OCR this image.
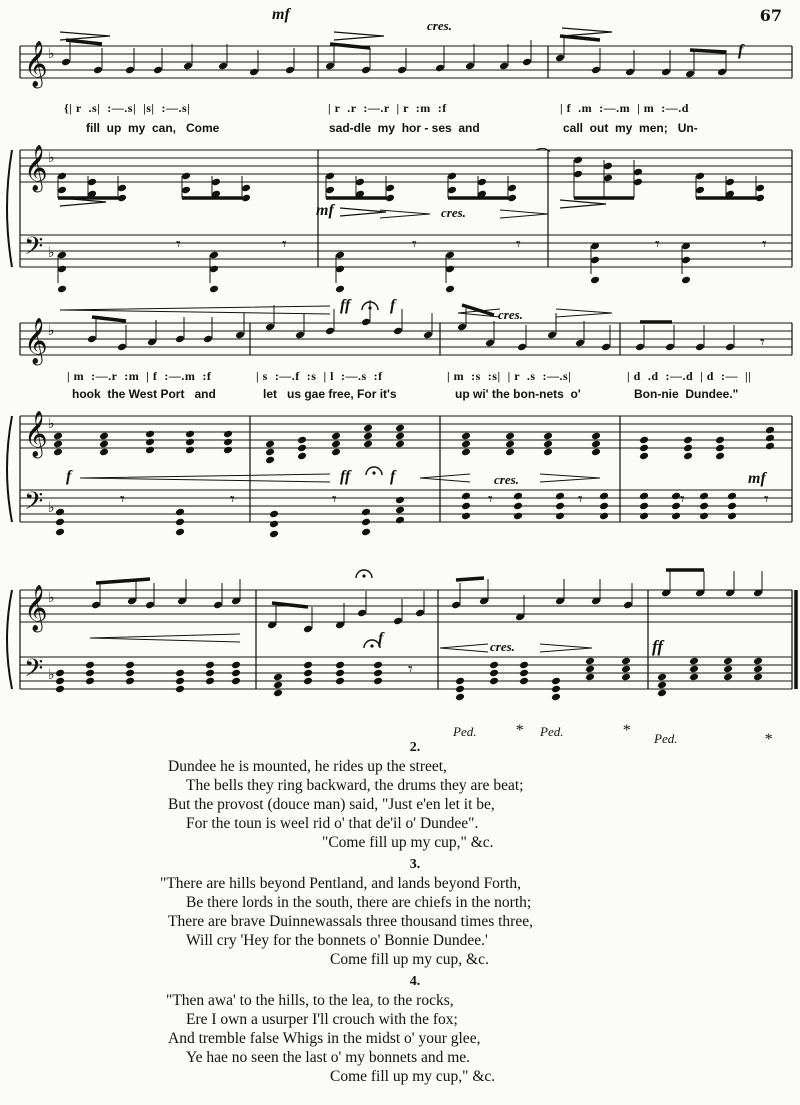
67
𝄞 ♭
𝄞 ♭
𝄢 ♭	𝄾	𝄾	𝄾	𝄾	𝄾	𝄾
𝄞 ♭
𝄞 ♭
𝄢 ♭
𝄾
𝄾	𝄾	𝄾	𝄾	𝄾	𝄾	𝄾
𝄞 ♭
𝄢 ♭	𝄾
mf
cres.
f
{| r  .s|  :—.s|  |s|  :—.s|	| r  .r  :—.r  | r  :m  :f	| f  .m  :—.m  | m  :—.d
fill  up  my  can,   Come	sad-dle  my  hor - ses  and	call  out  my  men;   Un-
mf	cres.
ff f
cres.
| m  :—.r  :m  | f  :—.m  :f	| s  :—.f  :s  | l  :—.s  :f	| m  :s  :s|  | r  .s  :—.s|	| d  .d  :—.d  | d  :—  ||
hook  the West Port   and	let   us gae free, For it's	up wi' the bon-nets  o'	Bon-nie  Dundee."
f	ff f	cres.	mf
f	cres.	ff
Ped. * Ped.	* Ped.	*
2.
Dundee he is mounted, he rides up the street,
The bells they ring backward, the drums they are beat;
But the provost (douce man) said, "Just e'en let it be,
For the toun is weel rid o' that de'il o' Dundee".
"Come fill up my cup," &c.
3.
"There are hills beyond Pentland, and lands beyond Forth,
Be there lords in the south, there are chiefs in the north;
There are brave Duinnewassals three thousand times three,
Will cry 'Hey for the bonnets o' Bonnie Dundee.'
Come fill up my cup, &c.
4.
"Then awa' to the hills, to the lea, to the rocks,
Ere I own a usurper I'll crouch with the fox;
And tremble false Whigs in the midst o' your glee,
Ye hae no seen the last o' my bonnets and me.
Come fill up my cup," &c.
